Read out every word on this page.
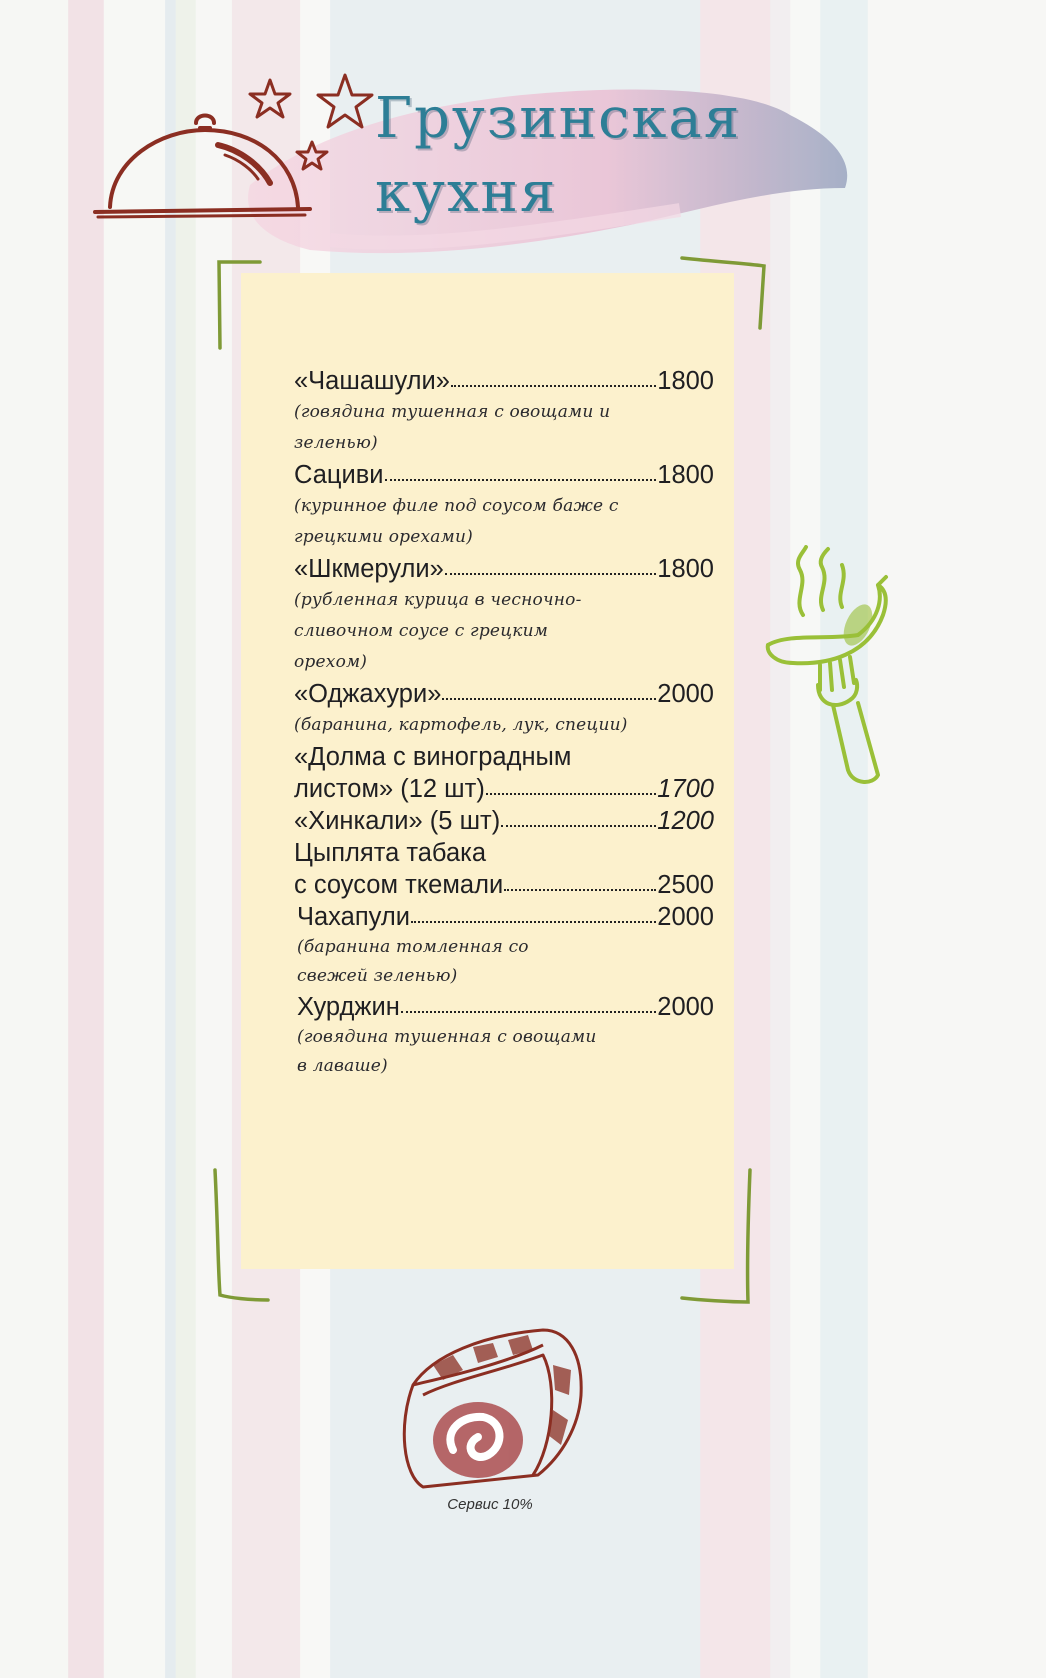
Грузинская
кухня
«Чашашули»	1800
(говядина тушенная с овощами и
зеленью)
Сациви	1800
(куринное филе под соусом баже с
грецкими орехами)
«Шкмерули»	1800
(рубленная курица в чесночно-
сливочном соусе с грецким
орехом)
«Оджахури»	2000
(баранина, картофель, лук, специи)
«Долма с виноградным
листом» (12 шт)	1700
«Хинкали» (5 шт)	1200
Цыплята табака
с соусом ткемали	2500
Чахапули	2000
(баранина томленная со
свежей зеленью)
Хурджин	2000
(говядина тушенная с овощами
в лаваше)
Сервис 10%
